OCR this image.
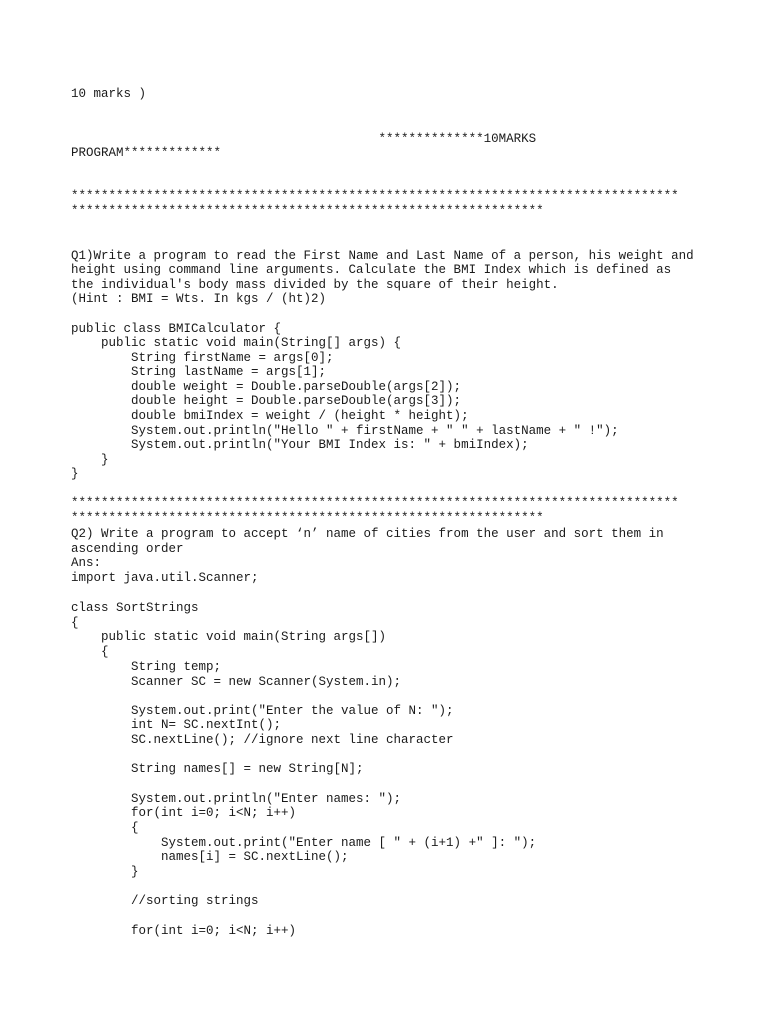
10 marks )
**************10MARKS
PROGRAM*************
*********************************************************************************
***************************************************************
Q1)Write a program to read the First Name and Last Name of a person, his weight and
height using command line arguments. Calculate the BMI Index which is defined as
the individual's body mass divided by the square of their height.
(Hint : BMI = Wts. In kgs / (ht)2)
public class BMICalculator {
public static void main(String[] args) {
String firstName = args[0];
String lastName = args[1];
double weight = Double.parseDouble(args[2]);
double height = Double.parseDouble(args[3]);
double bmiIndex = weight / (height * height);
System.out.println("Hello " + firstName + " " + lastName + " !");
System.out.println("Your BMI Index is: " + bmiIndex);
}
}
*********************************************************************************
***************************************************************
Q2) Write a program to accept ‘n’ name of cities from the user and sort them in
ascending order
Ans:
import java.util.Scanner;
class SortStrings
{
public static void main(String args[])
{
String temp;
Scanner SC = new Scanner(System.in);
System.out.print("Enter the value of N: ");
int N= SC.nextInt();
SC.nextLine(); //ignore next line character
String names[] = new String[N];
System.out.println("Enter names: ");
for(int i=0; i<N; i++)
{
System.out.print("Enter name [ " + (i+1) +" ]: ");
names[i] = SC.nextLine();
}
//sorting strings
for(int i=0; i<N; i++)
